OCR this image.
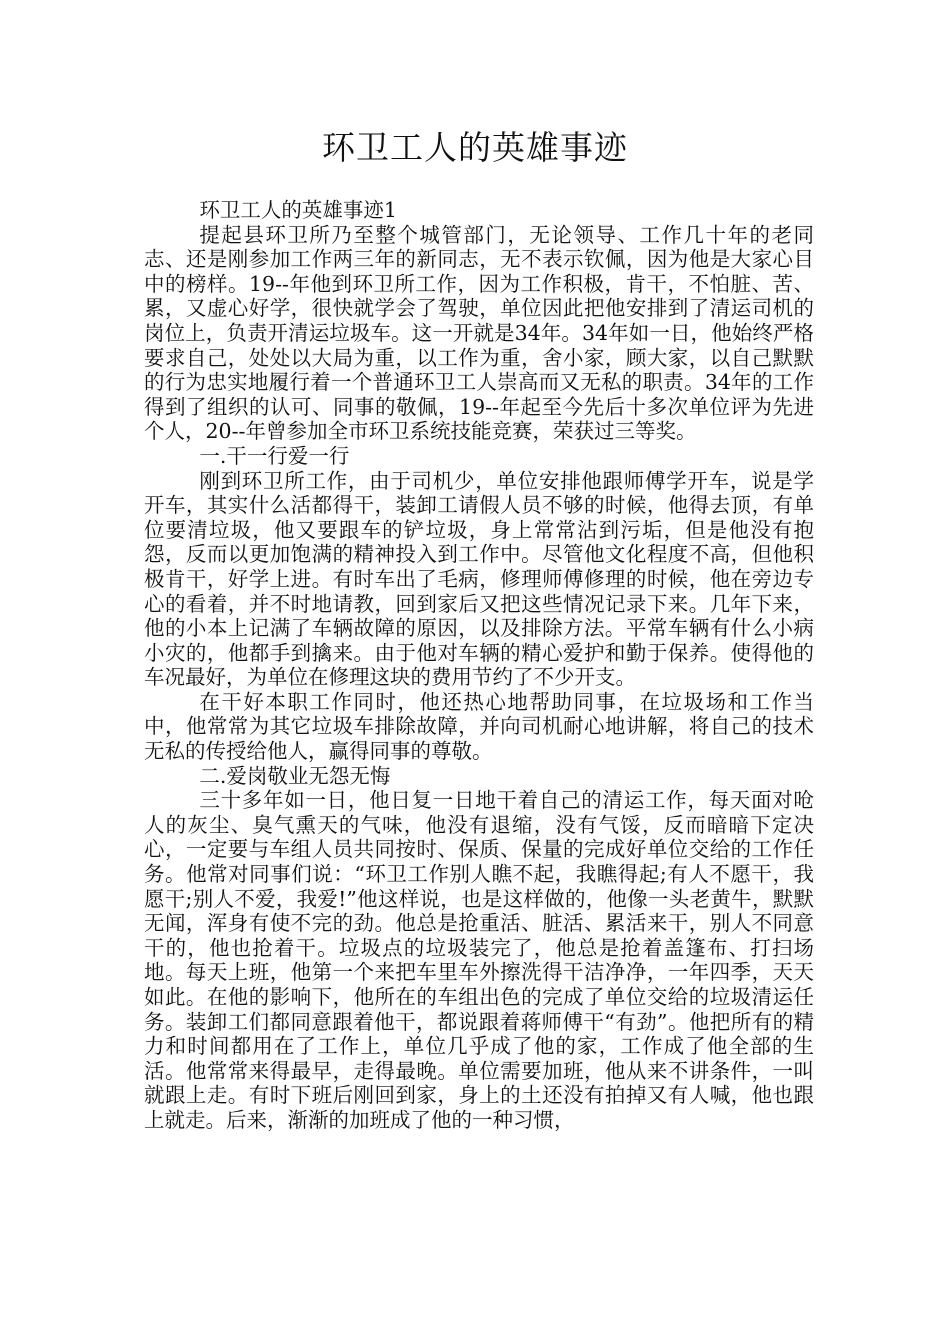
环卫工人的英雄事迹

环卫工人的英雄事迹1

提起县环卫所乃至整个城管部门，无论领导、工作几十年的老同志、还是刚参加工作两三年的新同志，无不表示钦佩，因为他是大家心目中的榜样。19--年他到环卫所工作，因为工作积极，肯干，不怕脏、苦、累，又虚心好学，很快就学会了驾驶，单位因此把他安排到了清运司机的岗位上，负责开清运垃圾车。这一开就是34年。34年如一日，他始终严格要求自己，处处以大局为重，以工作为重，舍小家，顾大家，以自己默默的行为忠实地履行着一个普通环卫工人崇高而又无私的职责。34年的工作得到了组织的认可、同事的敬佩，19--年起至今先后十多次单位评为先进个人，20--年曾参加全市环卫系统技能竞赛，荣获过三等奖。

一.干一行爱一行

刚到环卫所工作，由于司机少，单位安排他跟师傅学开车，说是学开车，其实什么活都得干，装卸工请假人员不够的时候，他得去顶，有单位要清垃圾，他又要跟车的铲垃圾，身上常常沾到污垢，但是他没有抱怨，反而以更加饱满的精神投入到工作中。尽管他文化程度不高，但他积极肯干，好学上进。有时车出了毛病，修理师傅修理的时候，他在旁边专心的看着，并不时地请教，回到家后又把这些情况记录下来。几年下来，他的小本上记满了车辆故障的原因，以及排除方法。平常车辆有什么小病小灾的，他都手到擒来。由于他对车辆的精心爱护和勤于保养。使得他的车况最好，为单位在修理这块的费用节约了不少开支。

在干好本职工作同时，他还热心地帮助同事，在垃圾场和工作当中，他常常为其它垃圾车排除故障，并向司机耐心地讲解，将自己的技术无私的传授给他人，赢得同事的尊敬。

二.爱岗敬业无怨无悔

三十多年如一日，他日复一日地干着自己的清运工作，每天面对呛人的灰尘、臭气熏天的气味，他没有退缩，没有气馁，反而暗暗下定决心，一定要与车组人员共同按时、保质、保量的完成好单位交给的工作任务。他常对同事们说：“环卫工作别人瞧不起，我瞧得起;有人不愿干，我愿干;别人不爱，我爱!”他这样说，也是这样做的，他像一头老黄牛，默默无闻，浑身有使不完的劲。他总是抢重活、脏活、累活来干，别人不同意干的，他也抢着干。垃圾点的垃圾装完了，他总是抢着盖篷布、打扫场地。每天上班，他第一个来把车里车外擦洗得干洁净净，一年四季，天天如此。在他的影响下，他所在的车组出色的完成了单位交给的垃圾清运任务。装卸工们都同意跟着他干，都说跟着蒋师傅干“有劲”。他把所有的精力和时间都用在了工作上，单位几乎成了他的家，工作成了他全部的生活。他常常来得最早，走得最晚。单位需要加班，他从来不讲条件，一叫就跟上走。有时下班后刚回到家，身上的土还没有拍掉又有人喊，他也跟上就走。后来，渐渐的加班成了他的一种习惯，
